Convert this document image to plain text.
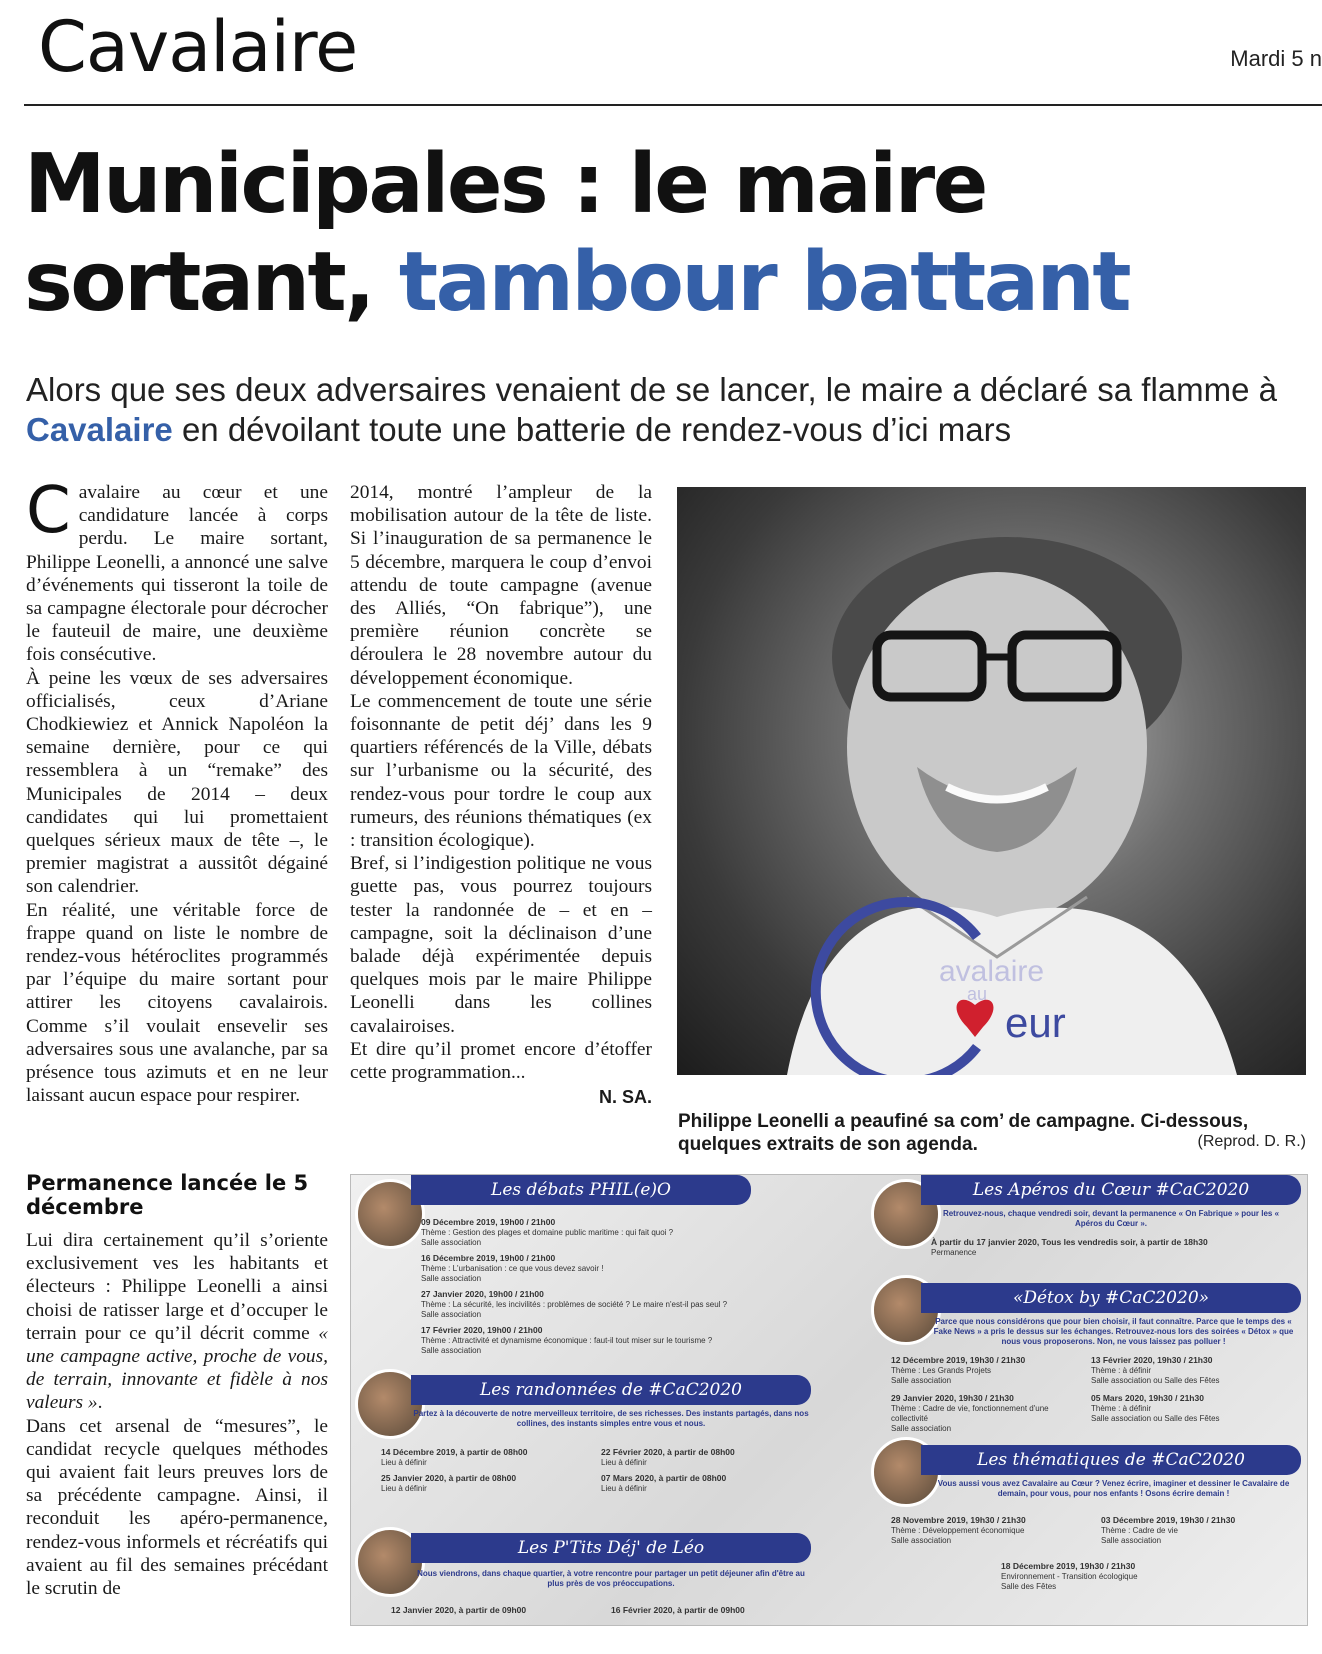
Cavalaire	Mardi 5 n
Municipales : le maire
sortant, tambour battant
Alors que ses deux adversaires venaient de se lancer, le maire a déclaré sa flamme à Cavalaire en dévoilant toute une batterie de rendez-vous d’ici mars
C avalaire au cœur et une candidature lancée à corps perdu. Le maire sortant, Philippe Leonelli, a annoncé une salve d’événements qui tisseront la toile de sa campagne électorale pour décrocher le fauteuil de maire, une deuxième fois consécutive.

À peine les vœux de ses adversaires officialisés, ceux d’Ariane Chodkiewiez et Annick Napoléon la semaine dernière, pour ce qui ressemblera à un “remake” des Municipales de 2014 – deux candidates qui lui promettaient quelques sérieux maux de tête –, le premier magistrat a aussitôt dégainé son calendrier.

En réalité, une véritable force de frappe quand on liste le nombre de rendez-vous hétéroclites programmés par l’équipe du maire sortant pour attirer les citoyens cavalairois. Comme s’il voulait ensevelir ses adversaires sous une avalanche, par sa présence tous azimuts et en ne leur laissant aucun espace pour respirer.

2014, montré l’ampleur de la mobilisation autour de la tête de liste. Si l’inauguration de sa permanence le 5 décembre, marquera le coup d’envoi attendu de toute campagne (avenue des Alliés, “On fabrique”), une première réunion concrète se déroulera le 28 novembre autour du développement économique.

Le commencement de toute une série foisonnante de petit déj’ dans les 9 quartiers référencés de la Ville, débats sur l’urbanisme ou la sécurité, des rendez-vous pour tordre le coup aux rumeurs, des réunions thématiques (ex : transition écologique).

Bref, si l’indigestion politique ne vous guette pas, vous pourrez toujours tester la randonnée de – et en – campagne, soit la déclinaison d’une balade déjà expérimentée depuis quelques mois par le maire Philippe Leonelli dans les collines cavalairoises.

Et dire qu’il promet encore d’étoffer cette programmation...

N. SA.
Permanence lancée le 5 décembre

Lui dira certainement qu’il s’oriente exclusivement ves les habitants et électeurs : Philippe Leonelli a ainsi choisi de ratisser large et d’occuper le terrain pour ce qu’il décrit comme « une campagne active, proche de vous, de terrain, innovante et fidèle à nos valeurs ».

Dans cet arsenal de “mesures”, le candidat recycle quelques méthodes qui avaient fait leurs preuves lors de sa précédente campagne. Ainsi, il reconduit les apéro-permanence, rendez-vous informels et récréatifs qui avaient au fil des semaines précédant le scrutin de

avalaire
au
eur
Philippe Leonelli a peaufiné sa com’ de campagne. Ci-dessous, quelques extraits de son agenda.	(Reprod. D. R.)
Les débats PHIL(e)O
09 Décembre 2019, 19h00 / 21h00
Thème : Gestion des plages et domaine public maritime : qui fait quoi ?
Salle association
16 Décembre 2019, 19h00 / 21h00
Thème : L'urbanisation : ce que vous devez savoir !
Salle association
27 Janvier 2020, 19h00 / 21h00
Thème : La sécurité, les incivilités : problèmes de société ? Le maire n'est-il pas seul ?
Salle association
17 Février 2020, 19h00 / 21h00
Thème : Attractivité et dynamisme économique : faut-il tout miser sur le tourisme ?
Salle association
Les randonnées de #CaC2020
Partez à la découverte de notre merveilleux territoire, de ses richesses. Des instants partagés, dans nos collines, des instants simples entre vous et nous.
14 Décembre 2019, à partir de 08h00
Lieu à définir
25 Janvier 2020, à partir de 08h00
Lieu à définir
22 Février 2020, à partir de 08h00
Lieu à définir
07 Mars 2020, à partir de 08h00
Lieu à définir
Les P'Tits Déj' de Léo
Nous viendrons, dans chaque quartier, à votre rencontre pour partager un petit déjeuner afin d'être au plus près de vos préoccupations.
12 Janvier 2020, à partir de 09h00	16 Février 2020, à partir de 09h00
Les Apéros du Cœur #CaC2020
Retrouvez-nous, chaque vendredi soir, devant la permanence « On Fabrique » pour les « Apéros du Cœur ».
À partir du 17 janvier 2020, Tous les vendredis soir, à partir de 18h30
Permanence
«Détox by #CaC2020»
Parce que nous considérons que pour bien choisir, il faut connaître. Parce que le temps des « Fake News » a pris le dessus sur les échanges. Retrouvez-nous lors des soirées « Détox » que nous vous proposerons. Non, ne vous laissez pas polluer !
12 Décembre 2019, 19h30 / 21h30
Thème : Les Grands Projets
Salle association
29 Janvier 2020, 19h30 / 21h30
Thème : Cadre de vie, fonctionnement d'une collectivité
Salle association
13 Février 2020, 19h30 / 21h30
Thème : à définir
Salle association ou Salle des Fêtes
05 Mars 2020, 19h30 / 21h30
Thème : à définir
Salle association ou Salle des Fêtes
Les thématiques de #CaC2020
Vous aussi vous avez Cavalaire au Cœur ? Venez écrire, imaginer et dessiner le Cavalaire de demain, pour vous, pour nos enfants ! Osons écrire demain !
28 Novembre 2019, 19h30 / 21h30
Thème : Développement économique
Salle association
03 Décembre 2019, 19h30 / 21h30
Thème : Cadre de vie
Salle association
18 Décembre 2019, 19h30 / 21h30
Environnement - Transition écologique
Salle des Fêtes
